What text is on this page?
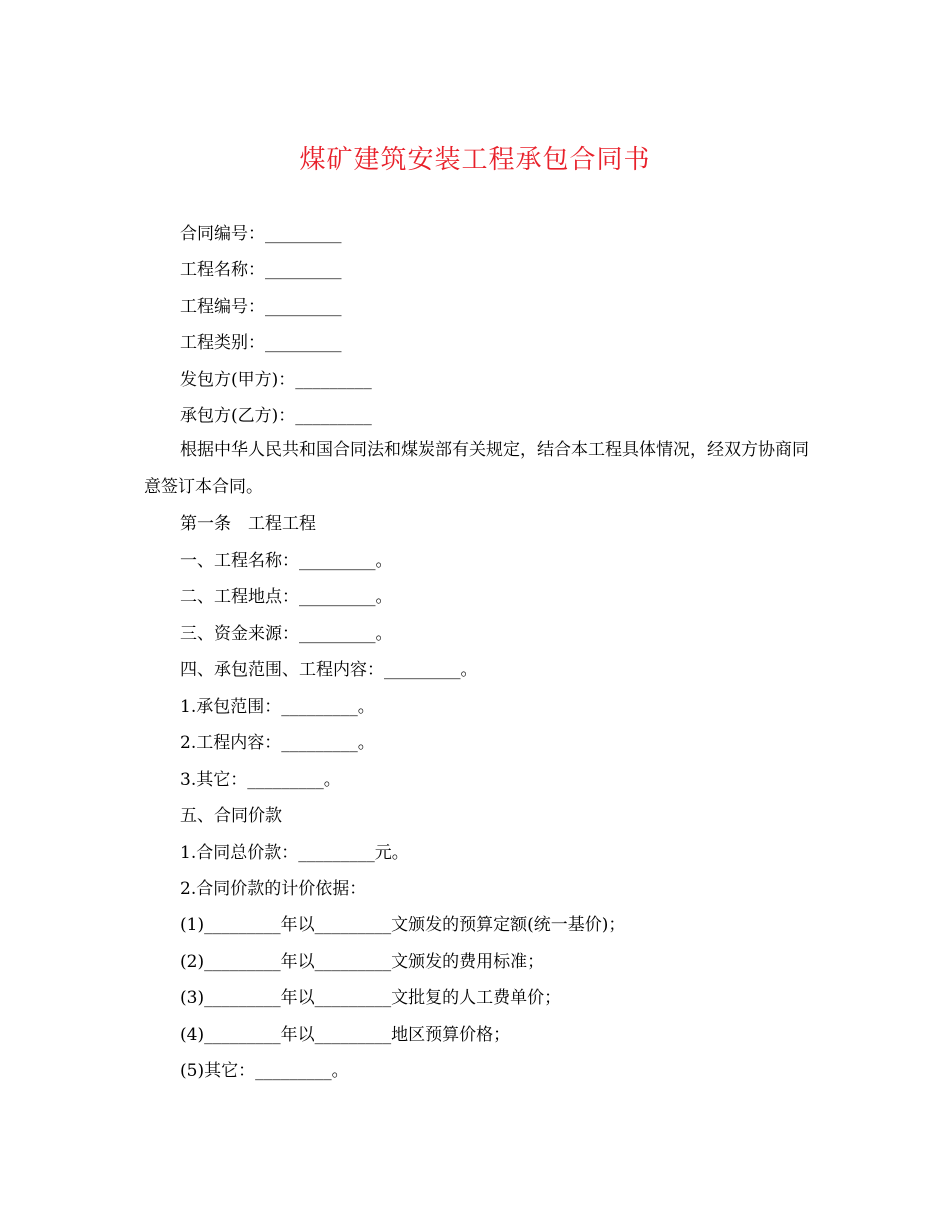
煤矿建筑安装工程承包合同书
合同编号：_________
工程名称：_________
工程编号：_________
工程类别：_________
发包方(甲方)：_________
承包方(乙方)：_________
根据中华人民共和国合同法和煤炭部有关规定，结合本工程具体情况，经双方协商同意签订本合同。
第一条　工程工程
一、工程名称：_________。
二、工程地点：_________。
三、资金来源：_________。
四、承包范围、工程内容：_________。
1.承包范围：_________。
2.工程内容：_________。
3.其它：_________。
五、合同价款
1.合同总价款：_________元。
2.合同价款的计价依据：
(1)_________年以_________文颁发的预算定额(统一基价)；
(2)_________年以_________文颁发的费用标准；
(3)_________年以_________文批复的人工费单价；
(4)_________年以_________地区预算价格；
(5)其它：_________。
